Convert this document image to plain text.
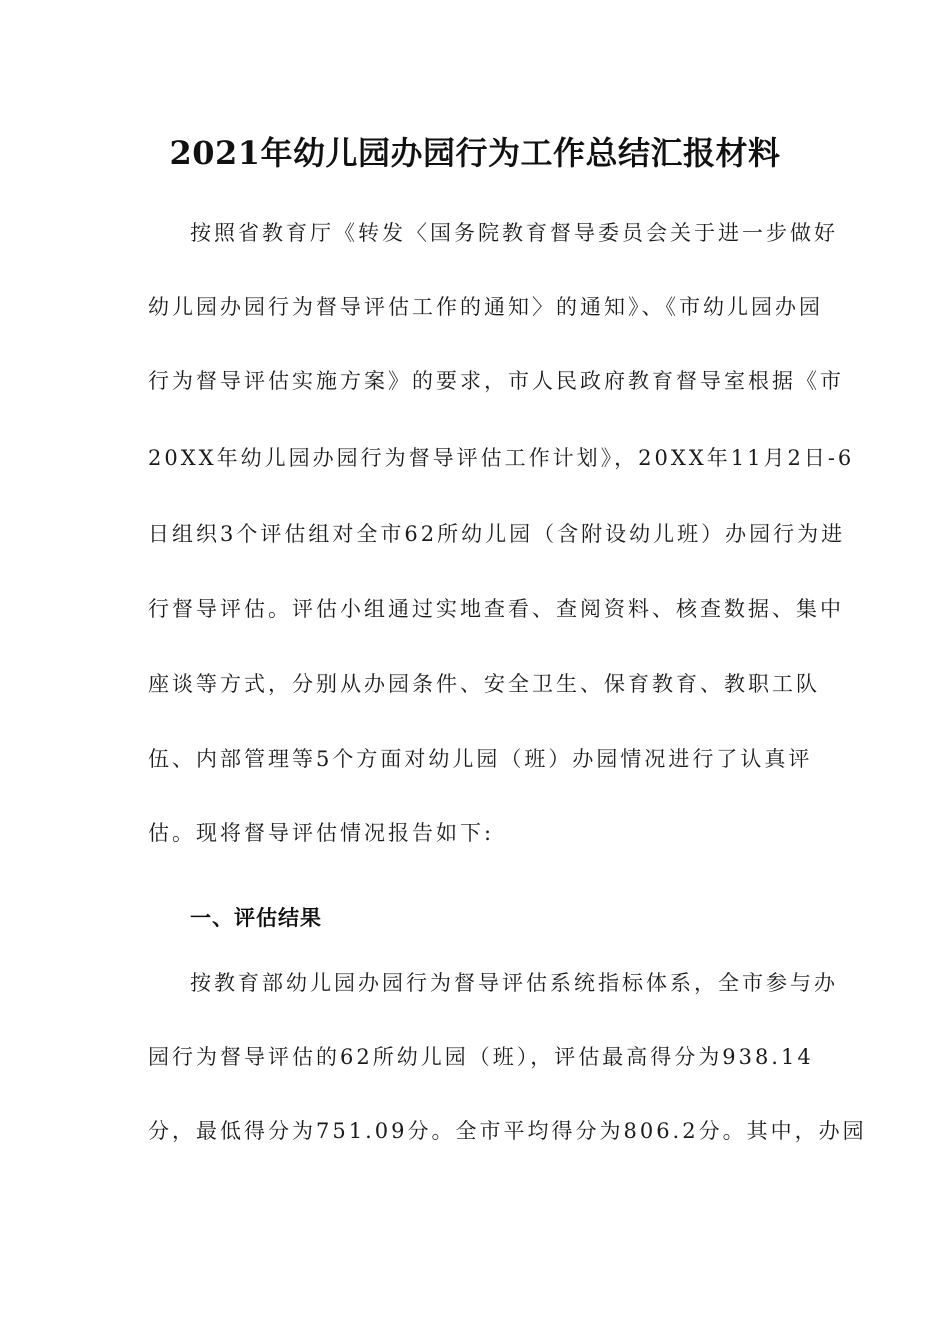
2021年幼儿园办园行为工作总结汇报材料
按照省教育厅《转发〈国务院教育督导委员会关于进一步做好
幼儿园办园行为督导评估工作的通知〉的通知》、《市幼儿园办园
行为督导评估实施方案》的要求，市人民政府教育督导室根据《市
20XX年幼儿园办园行为督导评估工作计划》，20XX年11月2日-6
日组织3个评估组对全市62所幼儿园（含附设幼儿班）办园行为进
行督导评估。评估小组通过实地查看、查阅资料、核查数据、集中
座谈等方式，分别从办园条件、安全卫生、保育教育、教职工队
伍、内部管理等5个方面对幼儿园（班）办园情况进行了认真评
估。现将督导评估情况报告如下:
一、评估结果
按教育部幼儿园办园行为督导评估系统指标体系，全市参与办
园行为督导评估的62所幼儿园（班），评估最高得分为938.14
分，最低得分为751.09分。全市平均得分为806.2分。其中，办园
